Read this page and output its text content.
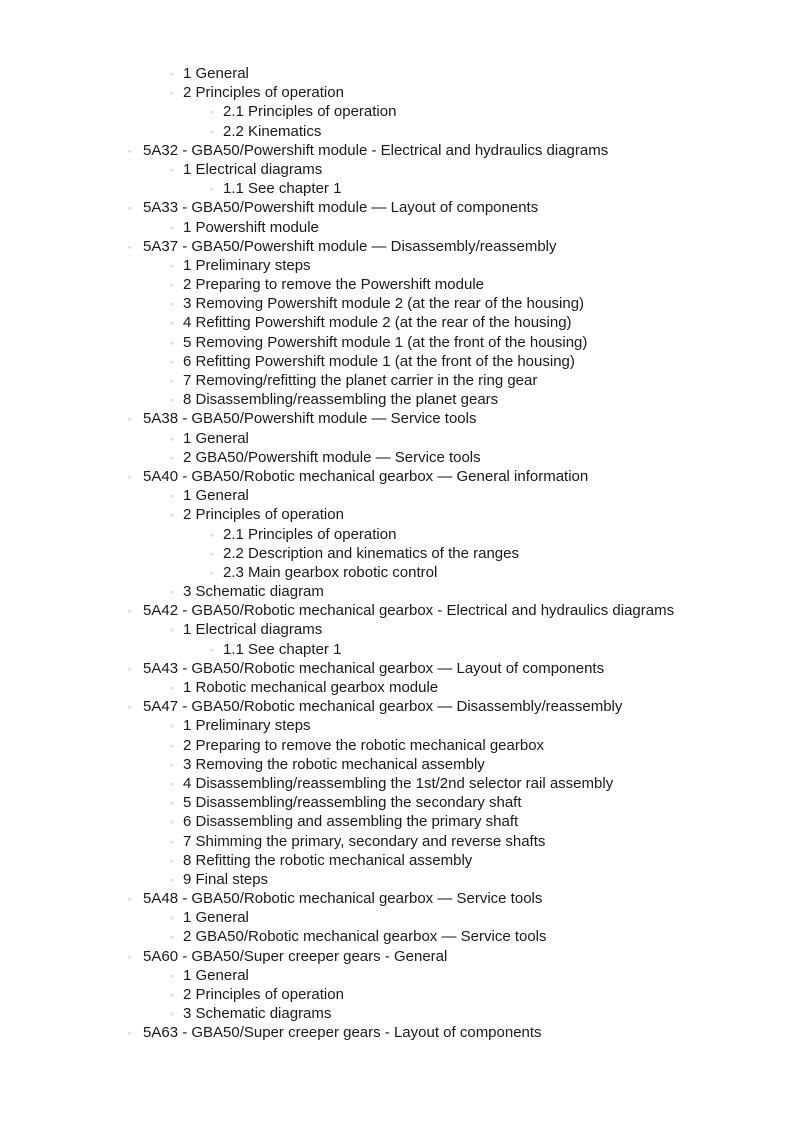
◦ 1 General
◦ 2 Principles of operation
◦ 2.1 Principles of operation
◦ 2.2 Kinematics
◦ 5A32 - GBA50/Powershift module - Electrical and hydraulics diagrams
◦ 1 Electrical diagrams
◦ 1.1 See chapter 1
◦ 5A33 - GBA50/Powershift module — Layout of components
◦ 1 Powershift module
◦ 5A37 - GBA50/Powershift module — Disassembly/reassembly
◦ 1 Preliminary steps
◦ 2 Preparing to remove the Powershift module
◦ 3 Removing Powershift module 2 (at the rear of the housing)
◦ 4 Refitting Powershift module 2 (at the rear of the housing)
◦ 5 Removing Powershift module 1 (at the front of the housing)
◦ 6 Refitting Powershift module 1 (at the front of the housing)
◦ 7 Removing/refitting the planet carrier in the ring gear
◦ 8 Disassembling/reassembling the planet gears
◦ 5A38 - GBA50/Powershift module — Service tools
◦ 1 General
◦ 2 GBA50/Powershift module — Service tools
◦ 5A40 - GBA50/Robotic mechanical gearbox — General information
◦ 1 General
◦ 2 Principles of operation
◦ 2.1 Principles of operation
◦ 2.2 Description and kinematics of the ranges
◦ 2.3 Main gearbox robotic control
◦ 3 Schematic diagram
◦ 5A42 - GBA50/Robotic mechanical gearbox - Electrical and hydraulics diagrams
◦ 1 Electrical diagrams
◦ 1.1 See chapter 1
◦ 5A43 - GBA50/Robotic mechanical gearbox — Layout of components
◦ 1 Robotic mechanical gearbox module
◦ 5A47 - GBA50/Robotic mechanical gearbox — Disassembly/reassembly
◦ 1 Preliminary steps
◦ 2 Preparing to remove the robotic mechanical gearbox
◦ 3 Removing the robotic mechanical assembly
◦ 4 Disassembling/reassembling the 1st/2nd selector rail assembly
◦ 5 Disassembling/reassembling the secondary shaft
◦ 6 Disassembling and assembling the primary shaft
◦ 7 Shimming the primary, secondary and reverse shafts
◦ 8 Refitting the robotic mechanical assembly
◦ 9 Final steps
◦ 5A48 - GBA50/Robotic mechanical gearbox — Service tools
◦ 1 General
◦ 2 GBA50/Robotic mechanical gearbox — Service tools
◦ 5A60 - GBA50/Super creeper gears - General
◦ 1 General
◦ 2 Principles of operation
◦ 3 Schematic diagrams
◦ 5A63 - GBA50/Super creeper gears - Layout of components
